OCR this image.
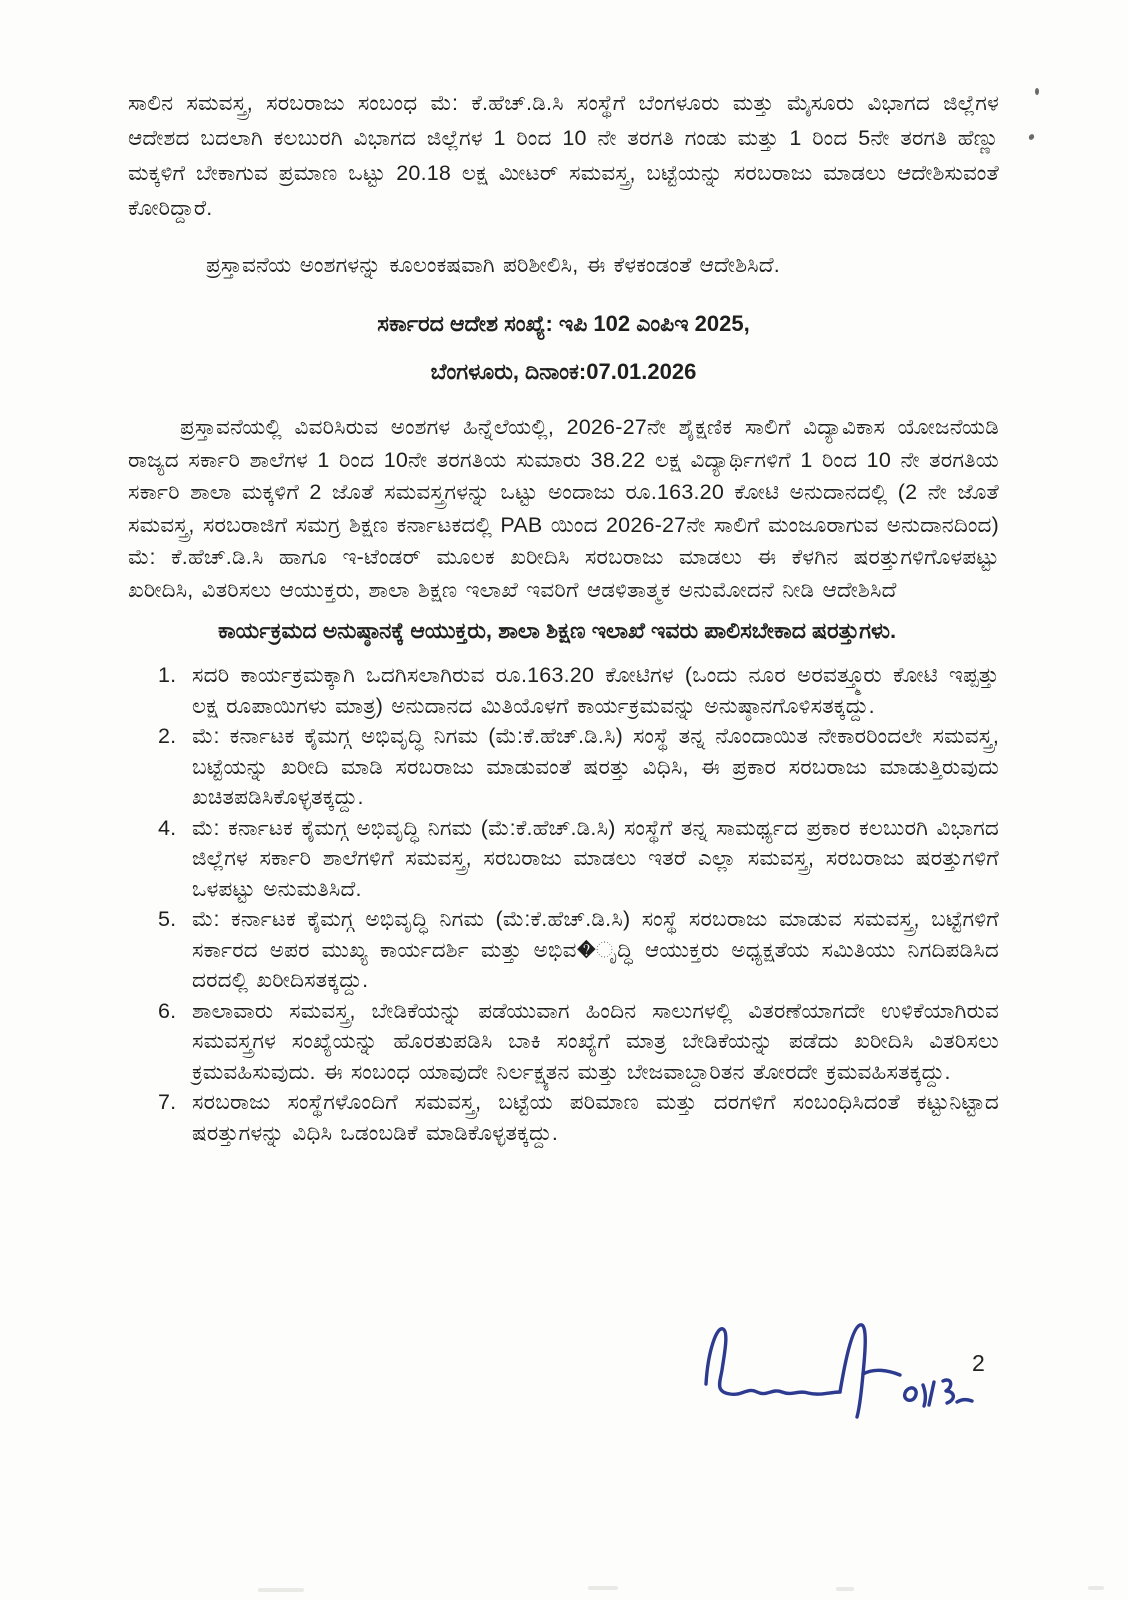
ಸಾಲಿನ ಸಮವಸ್ತ್ರ, ಸರಬರಾಜು ಸಂಬಂಧ ಮೆ: ಕೆ.ಹೆಚ್.ಡಿ.ಸಿ ಸಂಸ್ಥೆಗೆ ಬೆಂಗಳೂರು ಮತ್ತು ಮೈಸೂರು ವಿಭಾಗದ ಜಿಲ್ಲೆಗಳ ಆದೇಶದ ಬದಲಾಗಿ ಕಲಬುರಗಿ ವಿಭಾಗದ ಜಿಲ್ಲೆಗಳ 1 ರಿಂದ 10 ನೇ ತರಗತಿ ಗಂಡು ಮತ್ತು 1 ರಿಂದ 5ನೇ ತರಗತಿ ಹೆಣ್ಣು ಮಕ್ಕಳಿಗೆ ಬೇಕಾಗುವ ಪ್ರಮಾಣ ಒಟ್ಟು 20.18 ಲಕ್ಷ ಮೀಟರ್ ಸಮವಸ್ತ್ರ, ಬಟ್ಟೆಯನ್ನು ಸರಬರಾಜು ಮಾಡಲು ಆದೇಶಿಸುವಂತೆ ಕೋರಿದ್ದಾರೆ.

ಪ್ರಸ್ತಾವನೆಯ ಅಂಶಗಳನ್ನು ಕೂಲಂಕಷವಾಗಿ ಪರಿಶೀಲಿಸಿ, ಈ ಕೆಳಕಂಡಂತೆ ಆದೇಶಿಸಿದೆ.

ಸರ್ಕಾರದ ಆದೇಶ ಸಂಖ್ಯೆ: ಇಪಿ 102 ಎಂಪಿಇ 2025,
ಬೆಂಗಳೂರು, ದಿನಾಂಕ:07.01.2026

ಪ್ರಸ್ತಾವನೆಯಲ್ಲಿ ವಿವರಿಸಿರುವ ಅಂಶಗಳ ಹಿನ್ನೆಲೆಯಲ್ಲಿ, 2026-27ನೇ ಶೈಕ್ಷಣಿಕ ಸಾಲಿಗೆ ವಿದ್ಯಾವಿಕಾಸ ಯೋಜನೆಯಡಿ ರಾಜ್ಯದ ಸರ್ಕಾರಿ ಶಾಲೆಗಳ 1 ರಿಂದ 10ನೇ ತರಗತಿಯ ಸುಮಾರು 38.22 ಲಕ್ಷ ವಿದ್ಯಾರ್ಥಿಗಳಿಗೆ 1 ರಿಂದ 10 ನೇ ತರಗತಿಯ ಸರ್ಕಾರಿ ಶಾಲಾ ಮಕ್ಕಳಿಗೆ 2 ಜೊತೆ ಸಮವಸ್ತ್ರಗಳನ್ನು ಒಟ್ಟು ಅಂದಾಜು ರೂ.163.20 ಕೋಟಿ ಅನುದಾನದಲ್ಲಿ (2 ನೇ ಜೊತೆ ಸಮವಸ್ತ್ರ, ಸರಬರಾಜಿಗೆ ಸಮಗ್ರ ಶಿಕ್ಷಣ ಕರ್ನಾಟಕದಲ್ಲಿ PAB ಯಿಂದ 2026-27ನೇ ಸಾಲಿಗೆ ಮಂಜೂರಾಗುವ ಅನುದಾನದಿಂದ) ಮೆ: ಕೆ.ಹೆಚ್.ಡಿ.ಸಿ ಹಾಗೂ ಇ-ಟೆಂಡರ್ ಮೂಲಕ ಖರೀದಿಸಿ ಸರಬರಾಜು ಮಾಡಲು ಈ ಕೆಳಗಿನ ಷರತ್ತುಗಳಿಗೊಳಪಟ್ಟು ಖರೀದಿಸಿ, ವಿತರಿಸಲು ಆಯುಕ್ತರು, ಶಾಲಾ ಶಿಕ್ಷಣ ಇಲಾಖೆ ಇವರಿಗೆ ಆಡಳಿತಾತ್ಮಕ ಅನುಮೋದನೆ ನೀಡಿ ಆದೇಶಿಸಿದೆ

ಕಾರ್ಯಕ್ರಮದ ಅನುಷ್ಠಾನಕ್ಕೆ ಆಯುಕ್ತರು, ಶಾಲಾ ಶಿಕ್ಷಣ ಇಲಾಖೆ ಇವರು ಪಾಲಿಸಬೇಕಾದ ಷರತ್ತುಗಳು.

1. ಸದರಿ ಕಾರ್ಯಕ್ರಮಕ್ಕಾಗಿ ಒದಗಿಸಲಾಗಿರುವ ರೂ.163.20 ಕೋಟಿಗಳ (ಒಂದು ನೂರ ಅರವತ್ತ್ಮೂರು ಕೋಟಿ ಇಪ್ಪತ್ತು ಲಕ್ಷ ರೂಪಾಯಿಗಳು ಮಾತ್ರ) ಅನುದಾನದ ಮಿತಿಯೊಳಗೆ ಕಾರ್ಯಕ್ರಮವನ್ನು ಅನುಷ್ಠಾನಗೊಳಿಸತಕ್ಕದ್ದು.
2. ಮೆ: ಕರ್ನಾಟಕ ಕೈಮಗ್ಗ ಅಭಿವೃದ್ಧಿ ನಿಗಮ (ಮೆ:ಕೆ.ಹೆಚ್.ಡಿ.ಸಿ) ಸಂಸ್ಥೆ ತನ್ನ ನೊಂದಾಯಿತ ನೇಕಾರರಿಂದಲೇ ಸಮವಸ್ತ್ರ, ಬಟ್ಟೆಯನ್ನು ಖರೀದಿ ಮಾಡಿ ಸರಬರಾಜು ಮಾಡುವಂತೆ ಷರತ್ತು ವಿಧಿಸಿ, ಈ ಪ್ರಕಾರ ಸರಬರಾಜು ಮಾಡುತ್ತಿರುವುದು ಖಚಿತಪಡಿಸಿಕೊಳ್ಳತಕ್ಕದ್ದು.
4. ಮೆ: ಕರ್ನಾಟಕ ಕೈಮಗ್ಗ ಅಭಿವೃದ್ಧಿ ನಿಗಮ (ಮೆ:ಕೆ.ಹೆಚ್.ಡಿ.ಸಿ) ಸಂಸ್ಥೆಗೆ ತನ್ನ ಸಾಮರ್ಥ್ಯದ ಪ್ರಕಾರ ಕಲಬುರಗಿ ವಿಭಾಗದ ಜಿಲ್ಲೆಗಳ ಸರ್ಕಾರಿ ಶಾಲೆಗಳಿಗೆ ಸಮವಸ್ತ್ರ, ಸರಬರಾಜು ಮಾಡಲು ಇತರೆ ಎಲ್ಲಾ ಸಮವಸ್ತ್ರ, ಸರಬರಾಜು ಷರತ್ತುಗಳಿಗೆ ಒಳಪಟ್ಟು ಅನುಮತಿಸಿದೆ.
5. ಮೆ: ಕರ್ನಾಟಕ ಕೈಮಗ್ಗ ಅಭಿವೃದ್ಧಿ ನಿಗಮ (ಮೆ:ಕೆ.ಹೆಚ್.ಡಿ.ಸಿ) ಸಂಸ್ಥೆ ಸರಬರಾಜು ಮಾಡುವ ಸಮವಸ್ತ್ರ, ಬಟ್ಟೆಗಳಿಗೆ ಸರ್ಕಾರದ ಅಪರ ಮುಖ್ಯ ಕಾರ್ಯದರ್ಶಿ ಮತ್ತು ಅಭಿವ�ೃದ್ಧಿ ಆಯುಕ್ತರು ಅಧ್ಯಕ್ಷತೆಯ ಸಮಿತಿಯು ನಿಗದಿಪಡಿಸಿದ ದರದಲ್ಲಿ ಖರೀದಿಸತಕ್ಕದ್ದು.
6. ಶಾಲಾವಾರು ಸಮವಸ್ತ್ರ, ಬೇಡಿಕೆಯನ್ನು ಪಡೆಯುವಾಗ ಹಿಂದಿನ ಸಾಲುಗಳಲ್ಲಿ ವಿತರಣೆಯಾಗದೇ ಉಳಿಕೆಯಾಗಿರುವ ಸಮವಸ್ತ್ರಗಳ ಸಂಖ್ಯೆಯನ್ನು ಹೊರತುಪಡಿಸಿ ಬಾಕಿ ಸಂಖ್ಯೆಗೆ ಮಾತ್ರ ಬೇಡಿಕೆಯನ್ನು ಪಡೆದು ಖರೀದಿಸಿ ವಿತರಿಸಲು ಕ್ರಮವಹಿಸುವುದು. ಈ ಸಂಬಂಧ ಯಾವುದೇ ನಿರ್ಲಕ್ಷ್ಯತನ ಮತ್ತು ಬೇಜವಾಬ್ದಾರಿತನ ತೋರದೇ ಕ್ರಮವಹಿಸತಕ್ಕದ್ದು.
7. ಸರಬರಾಜು ಸಂಸ್ಥೆಗಳೊಂದಿಗೆ ಸಮವಸ್ತ್ರ, ಬಟ್ಟೆಯ ಪರಿಮಾಣ ಮತ್ತು ದರಗಳಿಗೆ ಸಂಬಂಧಿಸಿದಂತೆ ಕಟ್ಟುನಿಟ್ಟಾದ ಷರತ್ತುಗಳನ್ನು ವಿಧಿಸಿ ಒಡಂಬಡಿಕೆ ಮಾಡಿಕೊಳ್ಳತಕ್ಕದ್ದು.
2
